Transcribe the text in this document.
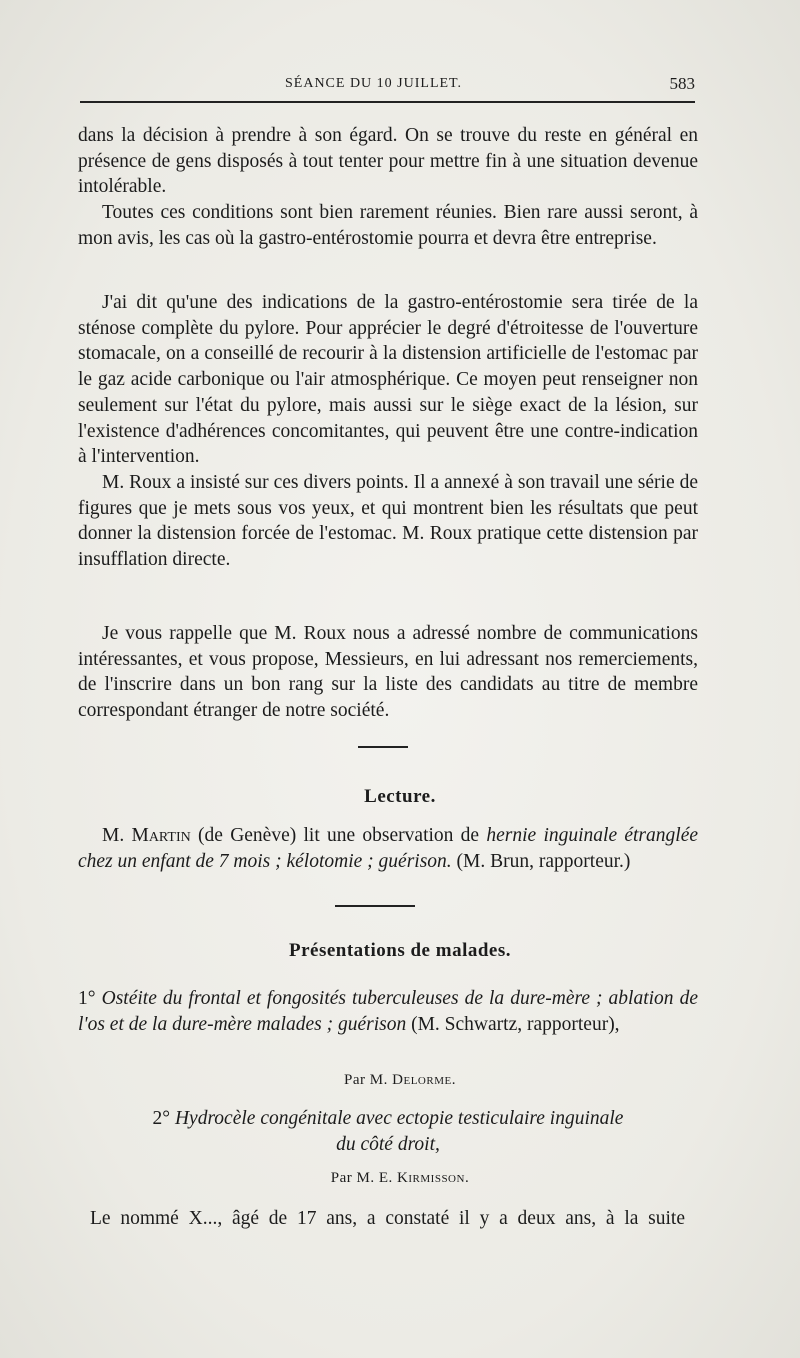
SÉANCE DU 10 JUILLET.	583

dans la décision à prendre à son égard. On se trouve du reste en général en présence de gens disposés à tout tenter pour mettre fin à une situation devenue intolérable.

Toutes ces conditions sont bien rarement réunies. Bien rare aussi seront, à mon avis, les cas où la gastro-entérostomie pourra et devra être entreprise.

J'ai dit qu'une des indications de la gastro-entérostomie sera tirée de la sténose complète du pylore. Pour apprécier le degré d'étroitesse de l'ouverture stomacale, on a conseillé de recourir à la distension artificielle de l'estomac par le gaz acide carbonique ou l'air atmosphérique. Ce moyen peut renseigner non seulement sur l'état du pylore, mais aussi sur le siège exact de la lésion, sur l'existence d'adhérences concomitantes, qui peuvent être une contre-indication à l'intervention.

M. Roux a insisté sur ces divers points. Il a annexé à son travail une série de figures que je mets sous vos yeux, et qui montrent bien les résultats que peut donner la distension forcée de l'estomac. M. Roux pratique cette distension par insufflation directe.

Je vous rappelle que M. Roux nous a adressé nombre de communications intéressantes, et vous propose, Messieurs, en lui adressant nos remerciements, de l'inscrire dans un bon rang sur la liste des candidats au titre de membre correspondant étranger de notre société.

Lecture.
M. Martin (de Genève) lit une observation de hernie inguinale étranglée chez un enfant de 7 mois ; kélotomie ; guérison. (M. Brun, rapporteur.)
Présentations de malades.
1° Ostéite du frontal et fongosités tuberculeuses de la dure-mère ; ablation de l'os et de la dure-mère malades ; guérison (M. Schwartz, rapporteur),
Par M. Delorme.
2° Hydrocèle congénitale avec ectopie testiculaire inguinale
du côté droit,
Par M. E. Kirmisson.
Le nommé X..., âgé de 17 ans, a constaté il y a deux ans, à la suite
